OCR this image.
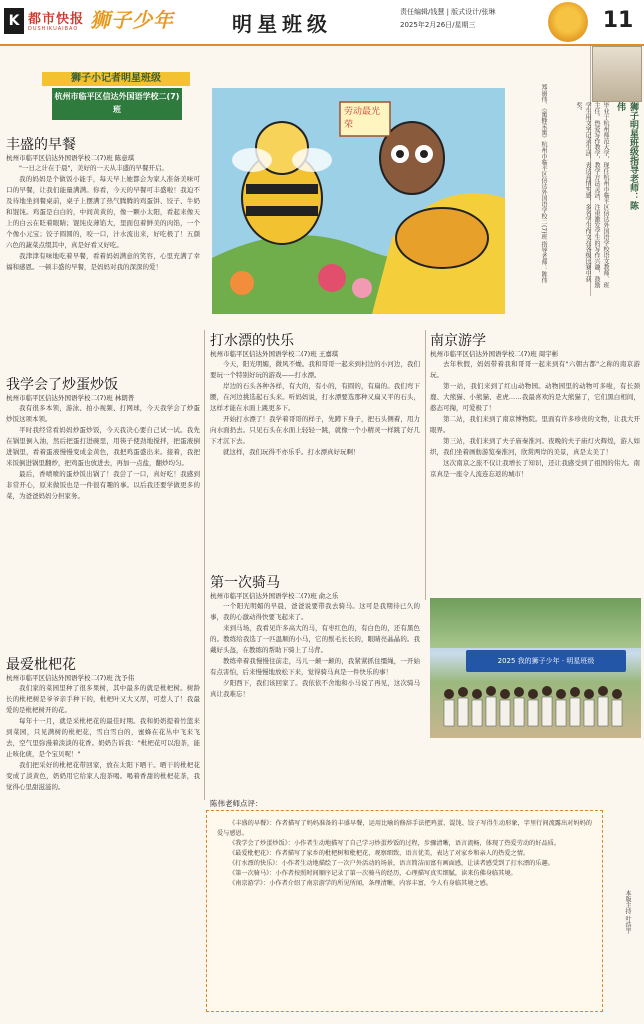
K 都市快报
DUSHIKUAIBAO 狮子少年	明星班级	责任编辑/钱慧 | 版式设计/张琳
2025年2月26日/星期三	11
狮子小记者明星班级
杭州市临平区信达外国语学校二(7)班
丰盛的早餐
杭州市临平区信达外国语学校二(7)班 陈意琪

"一日之计在于晨"，美好的一天从丰盛的早餐开启。

我的妈妈是个做饭小能手，每天早上她都会为家人准备美味可口的早餐，让我们能量满满。你看，今天的早餐可丰盛啦！我迫不及待地坐到餐桌前，桌子上摆满了热气腾腾的鸡蛋饼、饺子、牛奶和馄饨。鸡蛋是白白的，中间黄黄的，像一颗小太阳，看起来像天上的白云在眨着眼睛；馄饨皮薄馅大，里面包着鲜美的肉馅，一个个像小元宝；饺子圆圆的，咬一口，汁水流出来，好吃极了！五颜六色的蔬菜点缀其中，真是好看又好吃。

我津津有味地吃着早餐，看着妈妈满意的笑容，心里充满了幸福和感恩。一顿丰盛的早餐，是妈妈对我的深深的爱！

我学会了炒蛋炒饭
杭州市临平区信达外国语学校二(7)班 林朗普

我有很多本领，游泳、拍小视频、打网球，今天我学会了炒蛋炒饭这项本领。

平时我经常看妈妈炒蛋炒饭，今天我决心要自己试一试。我先在锅里倒入油，然后把蛋打进碗里，用筷子使劲地搅拌，把蛋液倒进锅里，看着蛋液慢慢变成金黄色，我把鸡蛋盛出来。接着，我把米饭倒进锅里翻炒，把鸡蛋也放进去，再加一点盐，翻炒均匀。

最后，香喷喷的蛋炒饭出锅了！我尝了一口，真好吃！我感到非常开心，原来做饭也是一件很有趣的事。以后我还要学做更多的菜，为爸爸妈妈分担家务。

最爱枇杷花
杭州市临平区信达外国语学校二(7)班 沈予伟

我们家的菜园里种了很多果树，其中最多的就是枇杷树。树龄长的枇杷树是爷爷亲手种下的，枇杷叶又大又厚，可惹人了！我最爱的是枇杷树开的花。

每年十一月，就是采枇杷花的最佳时期。我和奶奶提着竹篮来到菜园，只见满树的枇杷花，雪白雪白的，蜜蜂在花丛中飞来飞去，空气里弥漫着淡淡的花香。奶奶告诉我："枇杷花可以泡茶，能止咳化痰，是个宝贝呢！"

我们把采好的枇杷花带回家，放在太阳下晒干。晒干的枇杷花变成了淡黄色，奶奶用它给家人泡茶喝。喝着香甜的枇杷花茶，我觉得心里甜滋滋的。

劳动最光荣	郑丽伟、《蜜蜂采蜜》杭州市临平区信达外国语学校二(7)班 指导老师：陈伟	狮子明星班级指导老师：陈伟
毕业于杭州师范大学，现任杭州市临平区信达外国语学校语文教师、班主任。热爱写作教学，教学方法灵活，注重激发学生的写作兴趣，鼓励学生用文字记录生活，表达真情实感，多名学生作文在各级比赛中获奖。
打水漂的快乐
杭州市临平区信达外国语学校二(7)班 王嘉琪

今天，阳光明媚，微风不燥。我和哥哥一起来到村边的小河边，我们要玩一个特别好玩的游戏——打水漂。

岸边的石头各种各样，有大的，有小的，有圆的，有扁的。我们弯下腰，在河边挑选起石头来。听妈妈说，打水漂要选那种又扁又平的石头，这样才能在水面上跳更多下。

开始打水漂了！我学着哥哥的样子，先蹲下身子，把石头侧着，用力向水面扔去。只见石头在水面上轻轻一跳，就像一个小精灵一样跳了好几下才沉下去。

就这样，我们玩得不亦乐乎。打水漂真好玩啊！

第一次骑马
杭州市临平区信达外国语学校二(7)班 俞之乐

一个阳光明媚的早晨，爸爸说要带我去骑马。这可是我期待已久的事，我的心激动得快要飞起来了。

来到马场，我看见许多高大的马，有枣红色的，有白色的，还有黑色的。教练给我选了一匹温顺的小马，它的鬃毛长长的，眼睛亮晶晶的。我戴好头盔，在教练的帮助下骑上了马背。

教练牵着我慢慢往前走，马儿一颠一颠的，我紧紧抓住缰绳，一开始有点害怕，后来慢慢地放松下来，觉得骑马真是一件快乐的事！

夕阳西下，我们该回家了。我依依不舍地和小马说了再见，这次骑马真让我难忘！

南京游学
杭州市临平区信达外国语学校二(7)班 周宇彬

去年秋假，妈妈带着我和哥哥一起来到有"六朝古都"之称的南京游玩。

第一站，我们来到了红山动物园。动物园里的动物可多啦，有长颈鹿、大熊猫、小熊猫、老虎……我最喜欢的是大熊猫了，它们黑白相间，憨态可掬，可爱极了！

第二站，我们来到了南京博物院。里面有许多珍贵的文物，让我大开眼界。

第三站，我们来到了夫子庙秦淮河。夜晚的夫子庙灯火辉煌，游人如织，我们坐着画舫游览秦淮河，欣赏两岸的美景，真是太美了！

这次南京之旅不仅让我增长了知识，还让我感受到了祖国的伟大。南京真是一座令人流连忘返的城市！

2025 我的狮子少年 · 明星班级
陈伟老师点评：

《丰盛的早餐》：作者描写了妈妈准备的丰盛早餐，运用比喻的修辞手法把鸡蛋、馄饨、饺子写得生动形象，字里行间流露出对妈妈的爱与感恩。

《我学会了炒蛋炒饭》：小作者生动地描写了自己学习炒蛋炒饭的过程，步骤清晰，语言流畅，体现了热爱劳动的好品质。

《最爱枇杷花》：作者描写了家乡的枇杷树和枇杷花，观察细致，语言优美，表达了对家乡和亲人的热爱之情。

《打水漂的快乐》：小作者生动地描绘了一次户外活动的场景，语言简洁而富有画面感，让读者感受到了打水漂的乐趣。

《第一次骑马》：小作者按照时间顺序记录了第一次骑马的经历，心理描写真实细腻，读来仿佛身临其境。

《南京游学》：小作者介绍了南京游学的所见所闻，条理清晰，内容丰富，令人有身临其境之感。

本版主持 叶浩宇
